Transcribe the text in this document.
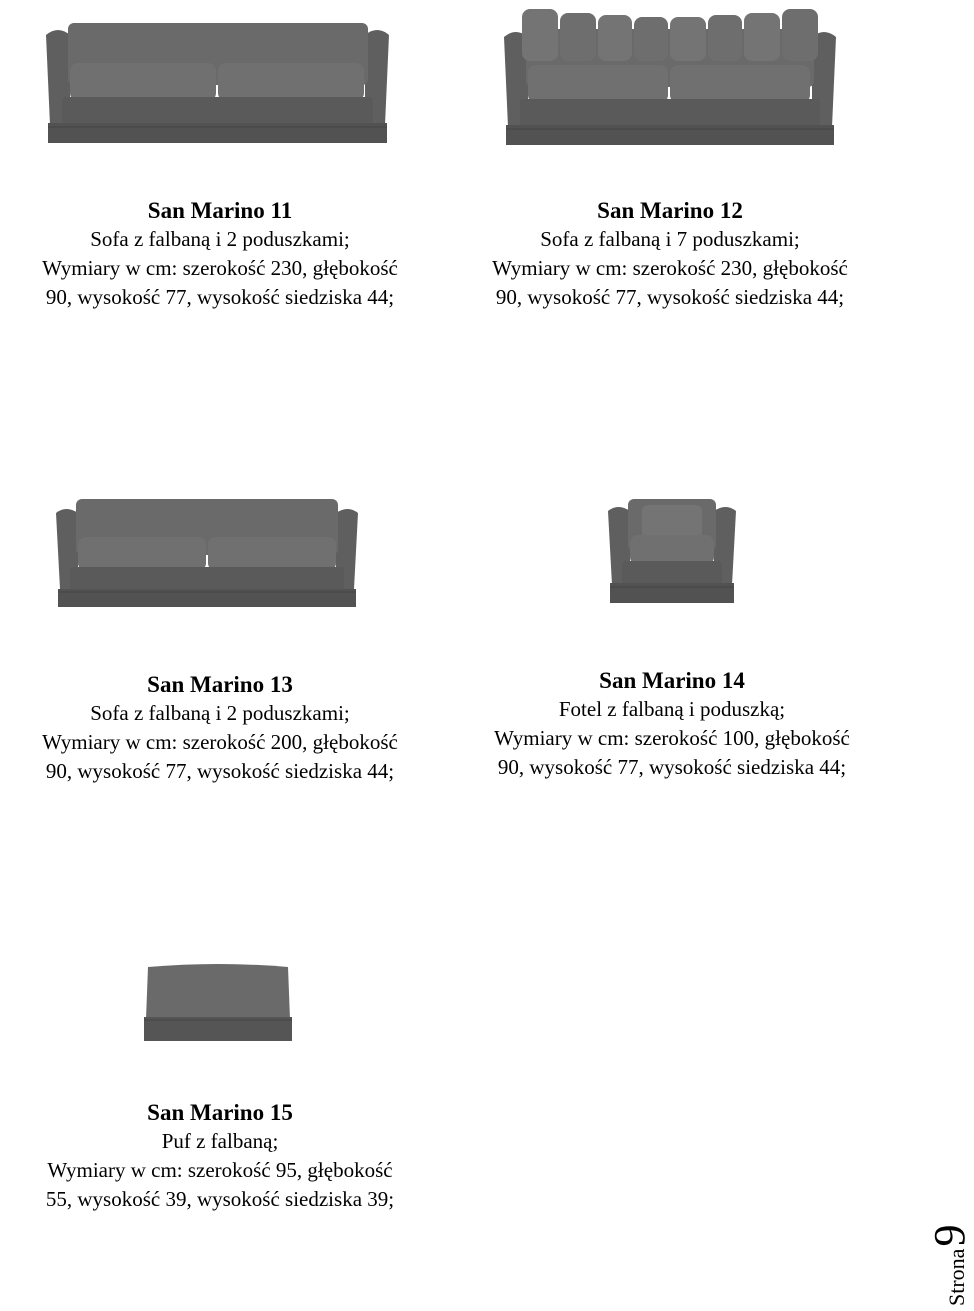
San Marino 11
Sofa z falbaną i 2 poduszkami;
Wymiary w cm: szerokość 230, głębokość
90, wysokość 77, wysokość siedziska 44;
San Marino 12
Sofa z falbaną i 7 poduszkami;
Wymiary w cm: szerokość 230, głębokość
90, wysokość 77, wysokość siedziska 44;
San Marino 13
Sofa z falbaną i 2 poduszkami;
Wymiary w cm: szerokość 200, głębokość
90, wysokość 77, wysokość siedziska 44;
San Marino 14
Fotel z falbaną i poduszką;
Wymiary w cm: szerokość 100, głębokość
90, wysokość 77, wysokość siedziska 44;
San Marino 15
Puf z falbaną;
Wymiary w cm: szerokość 95, głębokość
55, wysokość 39, wysokość siedziska 39;
Strona
9
